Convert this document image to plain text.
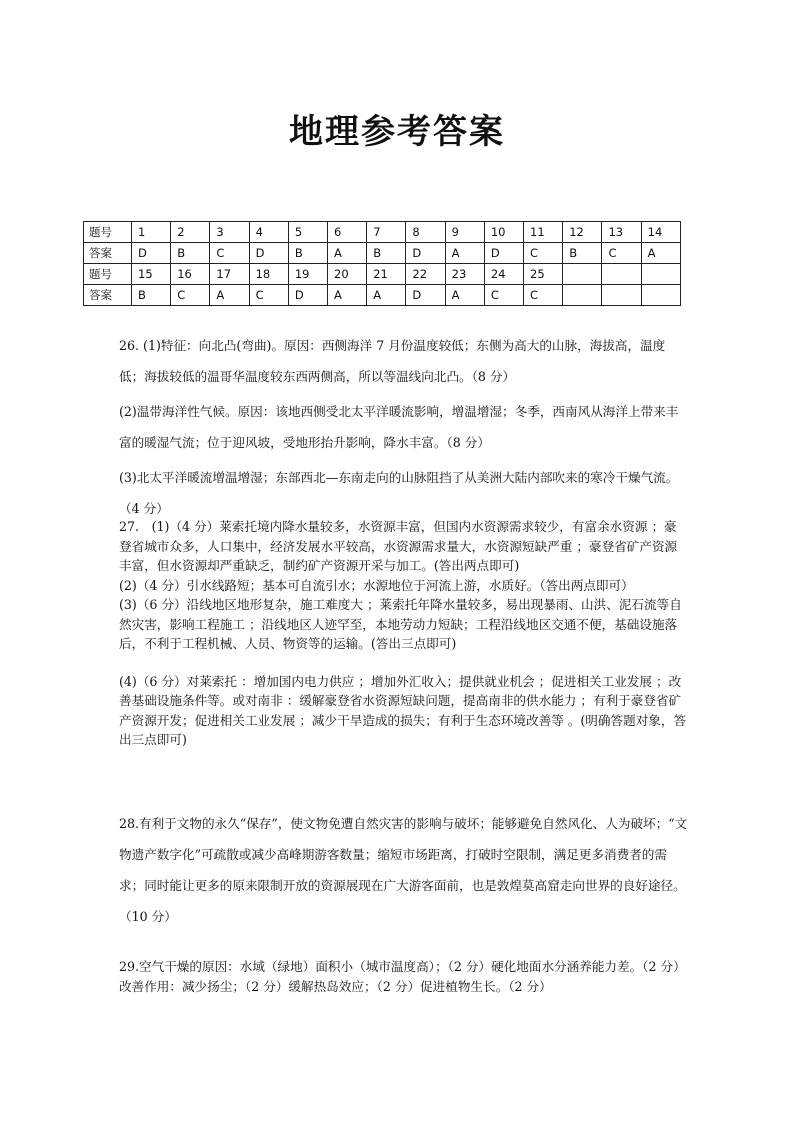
地理参考答案
题号	1	2	3	4	5	6	7	8	9	10	11	12	13	14
答案	D	B	C	D	B	A	B	D	A	D	C	B	C	A
题号	15	16	17	18	19	20	21	22	23	24	25			
答案	B	C	A	C	D	A	A	D	A	C	C			

26. (1)特征：向北凸(弯曲)。原因：西侧海洋 7 月份温度较低；东侧为高大的山脉，海拔高，温度低；海拔较低的温哥华温度较东西两侧高，所以等温线向北凸。（8 分）

(2)温带海洋性气候。原因：该地西侧受北太平洋暖流影响，增温增湿；冬季，西南风从海洋上带来丰富的暖湿气流；位于迎风坡，受地形抬升影响，降水丰富。（8 分）

(3)北太平洋暖流增温增湿；东部西北—东南走向的山脉阻挡了从美洲大陆内部吹来的寒冷干燥气流。（4 分）

27.　(1)（4 分）莱索托境内降水量较多，水资源丰富，但国内水资源需求较少，有富余水资源 ；豪登省城市众多，人口集中，经济发展水平较高，水资源需求量大，水资源短缺严重 ；豪登省矿产资源丰富，但水资源却严重缺乏，制约矿产资源开采与加工。(答出两点即可)

(2)（4 分）引水线路短；基本可自流引水；水源地位于河流上游，水质好。（答出两点即可）

(3)（6 分）沿线地区地形复杂，施工难度大 ；莱索托年降水量较多，易出现暴雨、山洪、泥石流等自然灾害，影响工程施工 ；沿线地区人迹罕至，本地劳动力短缺；工程沿线地区交通不便，基础设施落后，不利于工程机械、人员、物资等的运输。(答出三点即可)

(4)（6 分）对莱索托 ：增加国内电力供应 ；增加外汇收入；提供就业机会 ；促进相关工业发展 ；改善基础设施条件等。或对南非 ：缓解豪登省水资源短缺问题，提高南非的供水能力 ；有利于豪登省矿产资源开发；促进相关工业发展 ；减少干旱造成的损失；有利于生态环境改善等 。(明确答题对象，答出三点即可)

28.有利于文物的永久“保存”，使文物免遭自然灾害的影响与破坏；能够避免自然风化、人为破坏；“文物遗产数字化”可疏散或减少高峰期游客数量；缩短市场距离，打破时空限制，满足更多消费者的需求；同时能让更多的原来限制开放的资源展现在广大游客面前，也是敦煌莫高窟走向世界的良好途径。（10 分）

29.空气干燥的原因：水域（绿地）面积小（城市温度高）；（2 分）硬化地面水分涵养能力差。（2 分）

改善作用：减少扬尘；（2 分）缓解热岛效应；（2 分）促进植物生长。（2 分）
